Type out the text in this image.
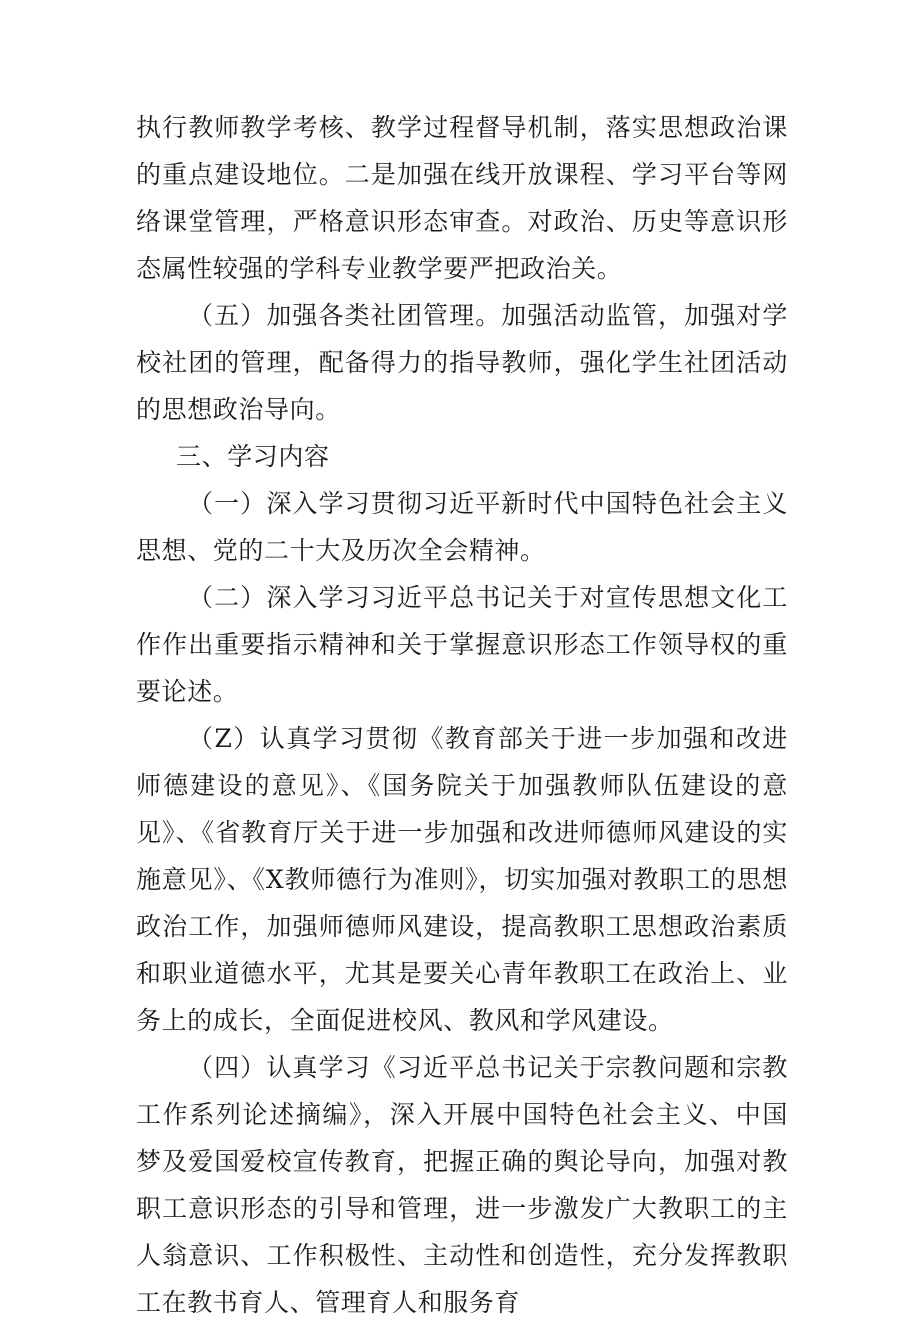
执行教师教学考核、教学过程督导机制，落实思想政治课的重点建设地位。二是加强在线开放课程、学习平台等网络课堂管理，严格意识形态审查。对政治、历史等意识形态属性较强的学科专业教学要严把政治关。

（五）加强各类社团管理。加强活动监管，加强对学校社团的管理，配备得力的指导教师，强化学生社团活动的思想政治导向。

三、学习内容

（一）深入学习贯彻习近平新时代中国特色社会主义思想、党的二十大及历次全会精神。

（二）深入学习习近平总书记关于对宣传思想文化工作作出重要指示精神和关于掌握意识形态工作领导权的重要论述。

（Z）认真学习贯彻《教育部关于进一步加强和改进师德建设的意见》、《国务院关于加强教师队伍建设的意见》、《省教育厅关于进一步加强和改进师德师风建设的实施意见》、《X教师德行为准则》，切实加强对教职工的思想政治工作，加强师德师风建设，提高教职工思想政治素质和职业道德水平，尤其是要关心青年教职工在政治上、业务上的成长，全面促进校风、教风和学风建设。

（四）认真学习《习近平总书记关于宗教问题和宗教工作系列论述摘编》，深入开展中国特色社会主义、中国梦及爱国爱校宣传教育，把握正确的舆论导向，加强对教职工意识形态的引导和管理，进一步激发广大教职工的主人翁意识、工作积极性、主动性和创造性，充分发挥教职工在教书育人、管理育人和服务育
